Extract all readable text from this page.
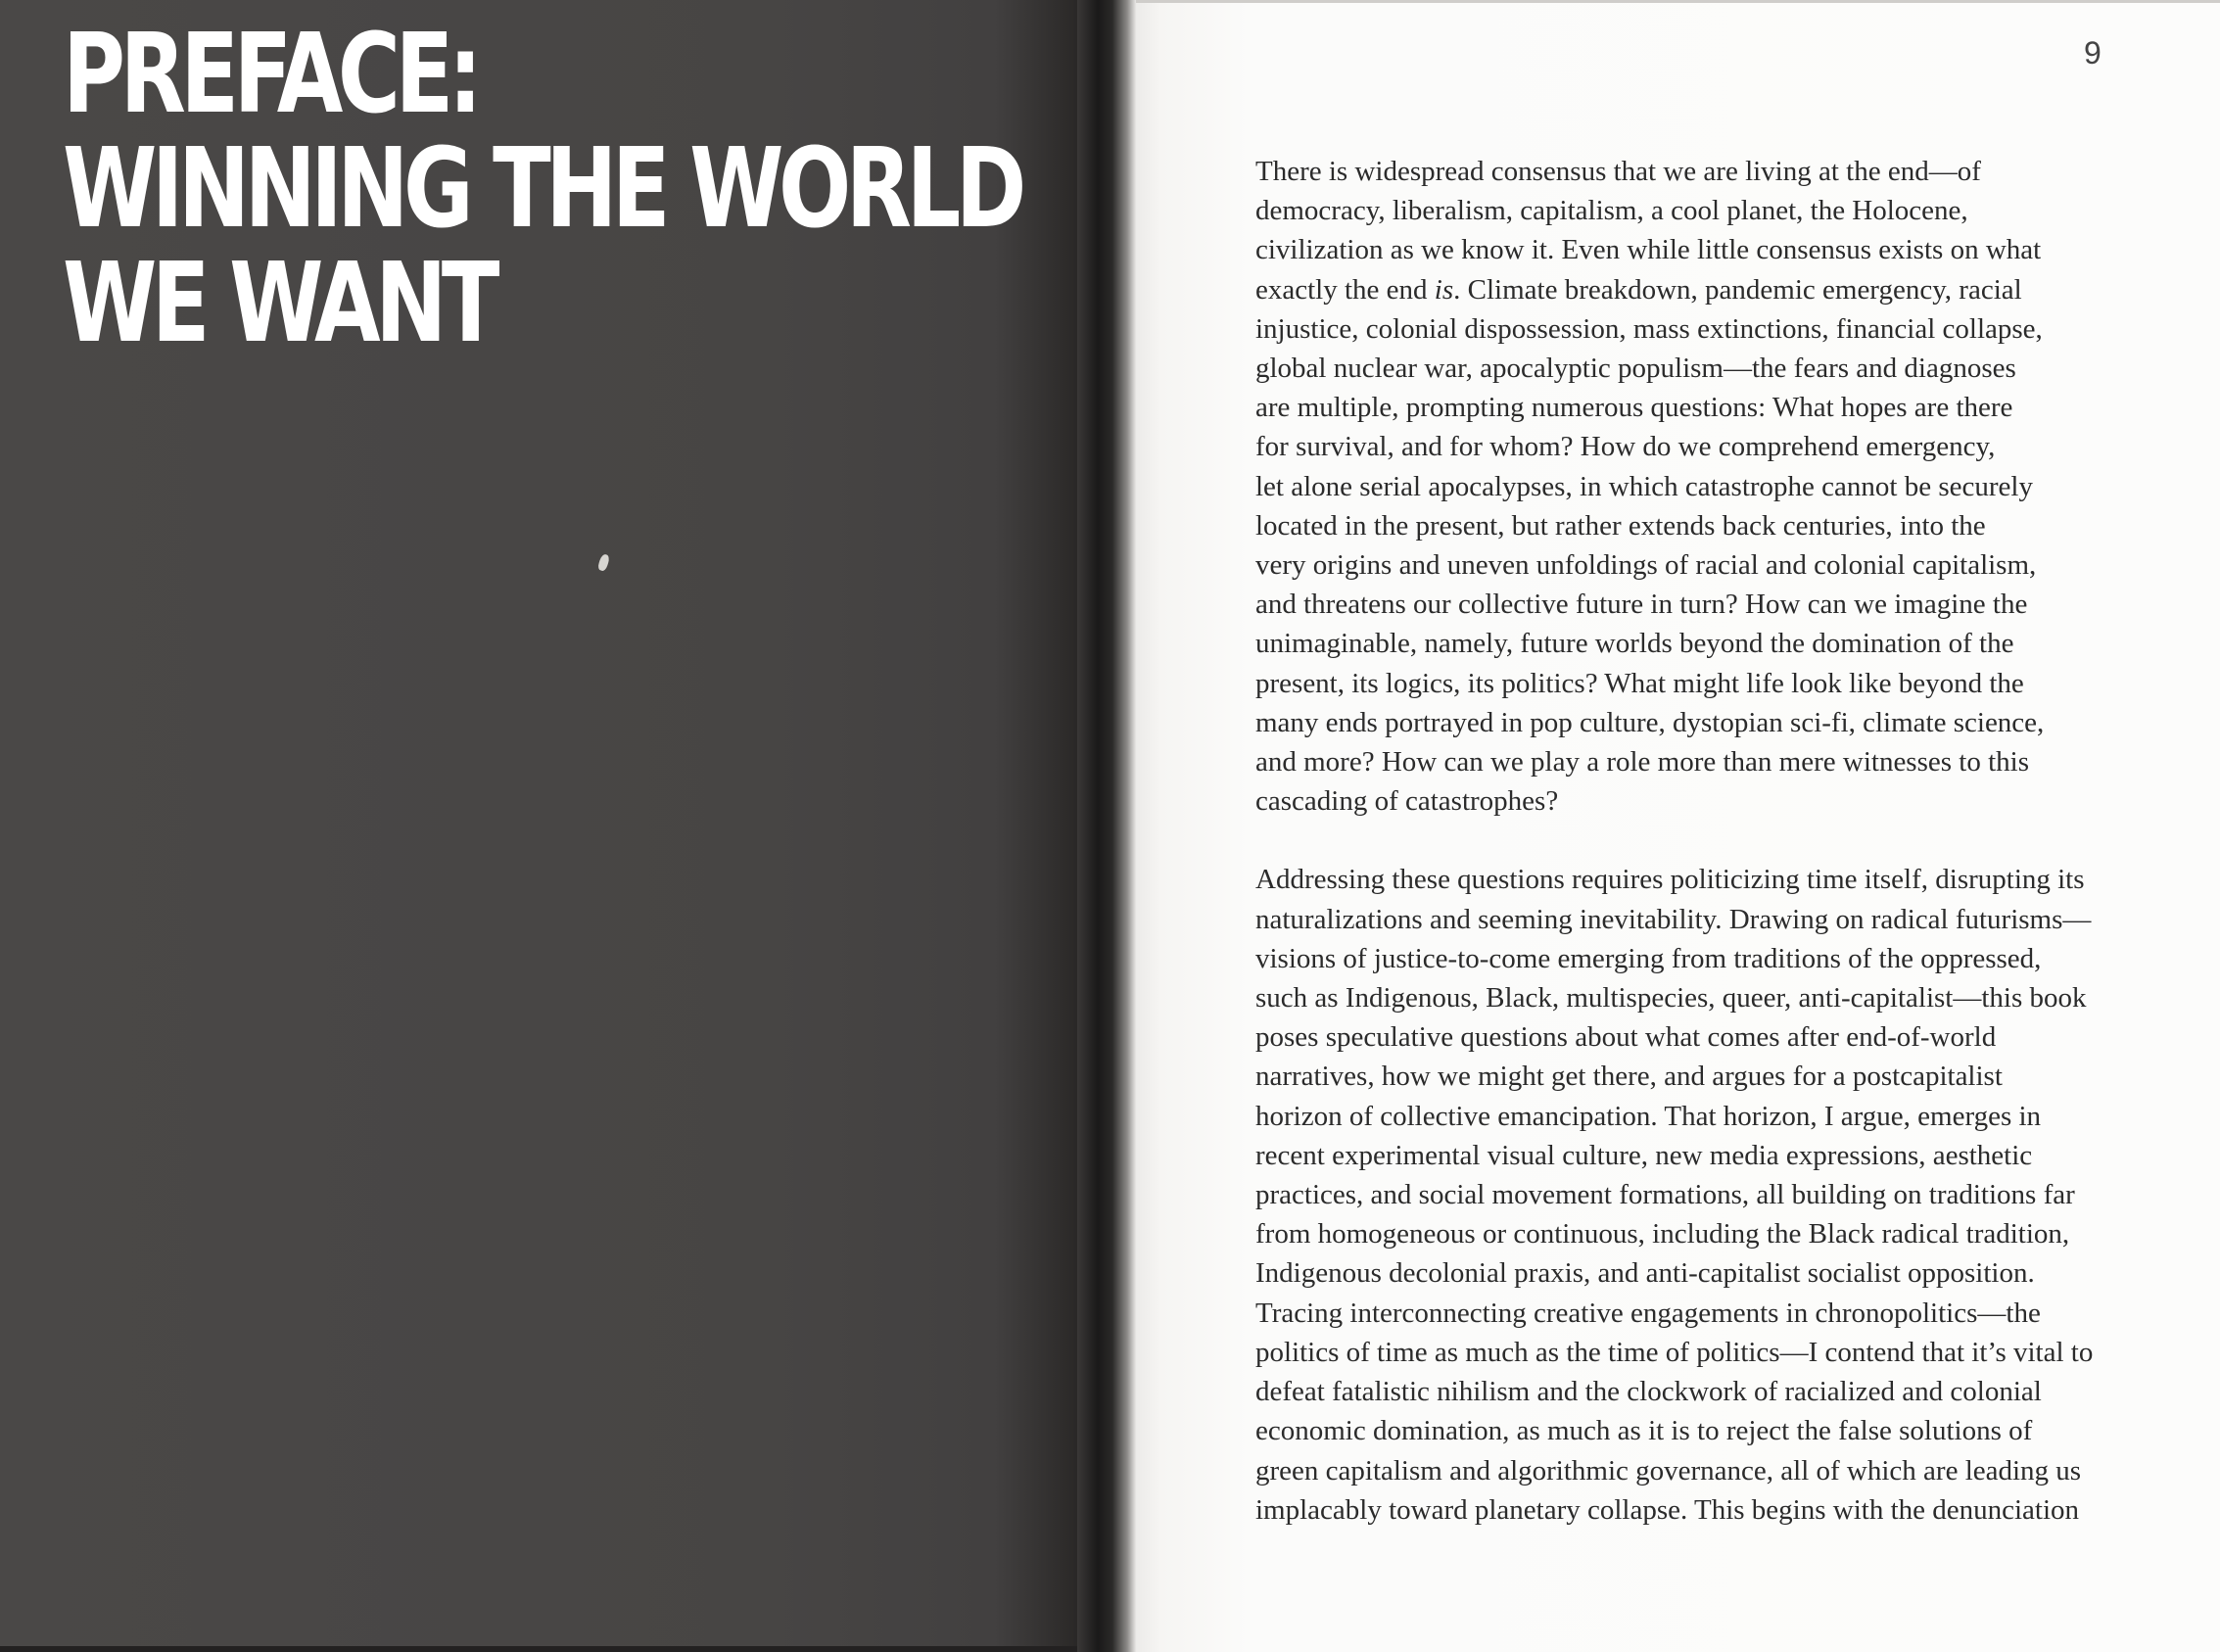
PREFACE:
WINNING THE WORLD
WE WANT

9

There is widespread consensus that we are living at the end—of
democracy, liberalism, capitalism, a cool planet, the Holocene,
civilization as we know it. Even while little consensus exists on what
exactly the end is. Climate breakdown, pandemic emergency, racial
injustice, colonial dispossession, mass extinctions, financial collapse,
global nuclear war, apocalyptic populism—the fears and diagnoses
are multiple, prompting numerous questions: What hopes are there
for survival, and for whom? How do we comprehend emergency,
let alone serial apocalypses, in which catastrophe cannot be securely
located in the present, but rather extends back centuries, into the
very origins and uneven unfoldings of racial and colonial capitalism,
and threatens our collective future in turn? How can we imagine the
unimaginable, namely, future worlds beyond the domination of the
present, its logics, its politics? What might life look like beyond the
many ends portrayed in pop culture, dystopian sci-fi, climate science,
and more? How can we play a role more than mere witnesses to this
cascading of catastrophes?

Addressing these questions requires politicizing time itself, disrupting its
naturalizations and seeming inevitability. Drawing on radical futurisms—
visions of justice-to-come emerging from traditions of the oppressed,
such as Indigenous, Black, multispecies, queer, anti-capitalist—this book
poses speculative questions about what comes after end-of-world
narratives, how we might get there, and argues for a postcapitalist
horizon of collective emancipation. That horizon, I argue, emerges in
recent experimental visual culture, new media expressions, aesthetic
practices, and social movement formations, all building on traditions far
from homogeneous or continuous, including the Black radical tradition,
Indigenous decolonial praxis, and anti-capitalist socialist opposition.
Tracing interconnecting creative engagements in chronopolitics—the
politics of time as much as the time of politics—I contend that it’s vital to
defeat fatalistic nihilism and the clockwork of racialized and colonial
economic domination, as much as it is to reject the false solutions of
green capitalism and algorithmic governance, all of which are leading us
implacably toward planetary collapse. This begins with the denunciation
